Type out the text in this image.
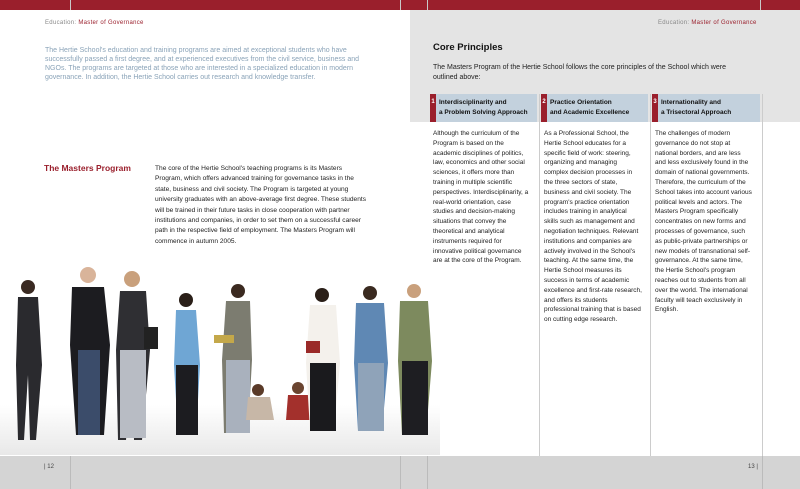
Education: Master of Governance	Education: Master of Governance
The Hertie School's education and training programs are aimed at exceptional students who have successfully passed a first degree, and at experienced executives from the civil service, business and NGOs. The programs are targeted at those who are interested in a specialized education in modern governance. In addition, the Hertie School carries out research and knowledge transfer.
Core Principles
The Masters Program of the Hertie School follows the core principles of the School which were outlined above:
1 Interdisciplinarity and
a Problem Solving Approach
2 Practice Orientation
and Academic Excellence
3 Internationality and
a Trisectoral Approach
Although the curriculum of the Program is based on the academic disciplines of politics, law, economics and other social sciences, it offers more than training in multiple scientific perspectives. Interdisciplinarity, a real-world orientation, case studies and decision-making situations that convey the theoretical and analytical instruments required for innovative political governance are at the core of the Program.
As a Professional School, the Hertie School educates for a specific field of work: steering, organizing and managing complex decision processes in the three sectors of state, business and civil society. The program's practice orientation includes training in analytical skills such as management and negotiation techniques. Relevant institutions and companies are actively involved in the School's teaching. At the same time, the Hertie School measures its success in terms of academic excellence and first-rate research, and offers its students professional training that is based on cutting edge research.
The challenges of modern governance do not stop at national borders, and are less and less exclusively found in the domain of national governments. Therefore, the curriculum of the School takes into account various political levels and actors. The Masters Program specifically concentrates on new forms and processes of governance, such as public-private partnerships or new models of transnational self-governance. At the same time, the Hertie School's program reaches out to students from all over the world. The international faculty will teach exclusively in English.
The Masters Program	The core of the Hertie School's teaching programs is its Masters Program, which offers advanced training for governance tasks in the state, business and civil society. The Program is targeted at young university graduates with an above-average first degree. These students will be trained in their future tasks in close cooperation with partner institutions and companies, in order to set them on a successful career path in the respective field of employment. The Masters Program will commence in autumn 2005.
| 12	13 |
